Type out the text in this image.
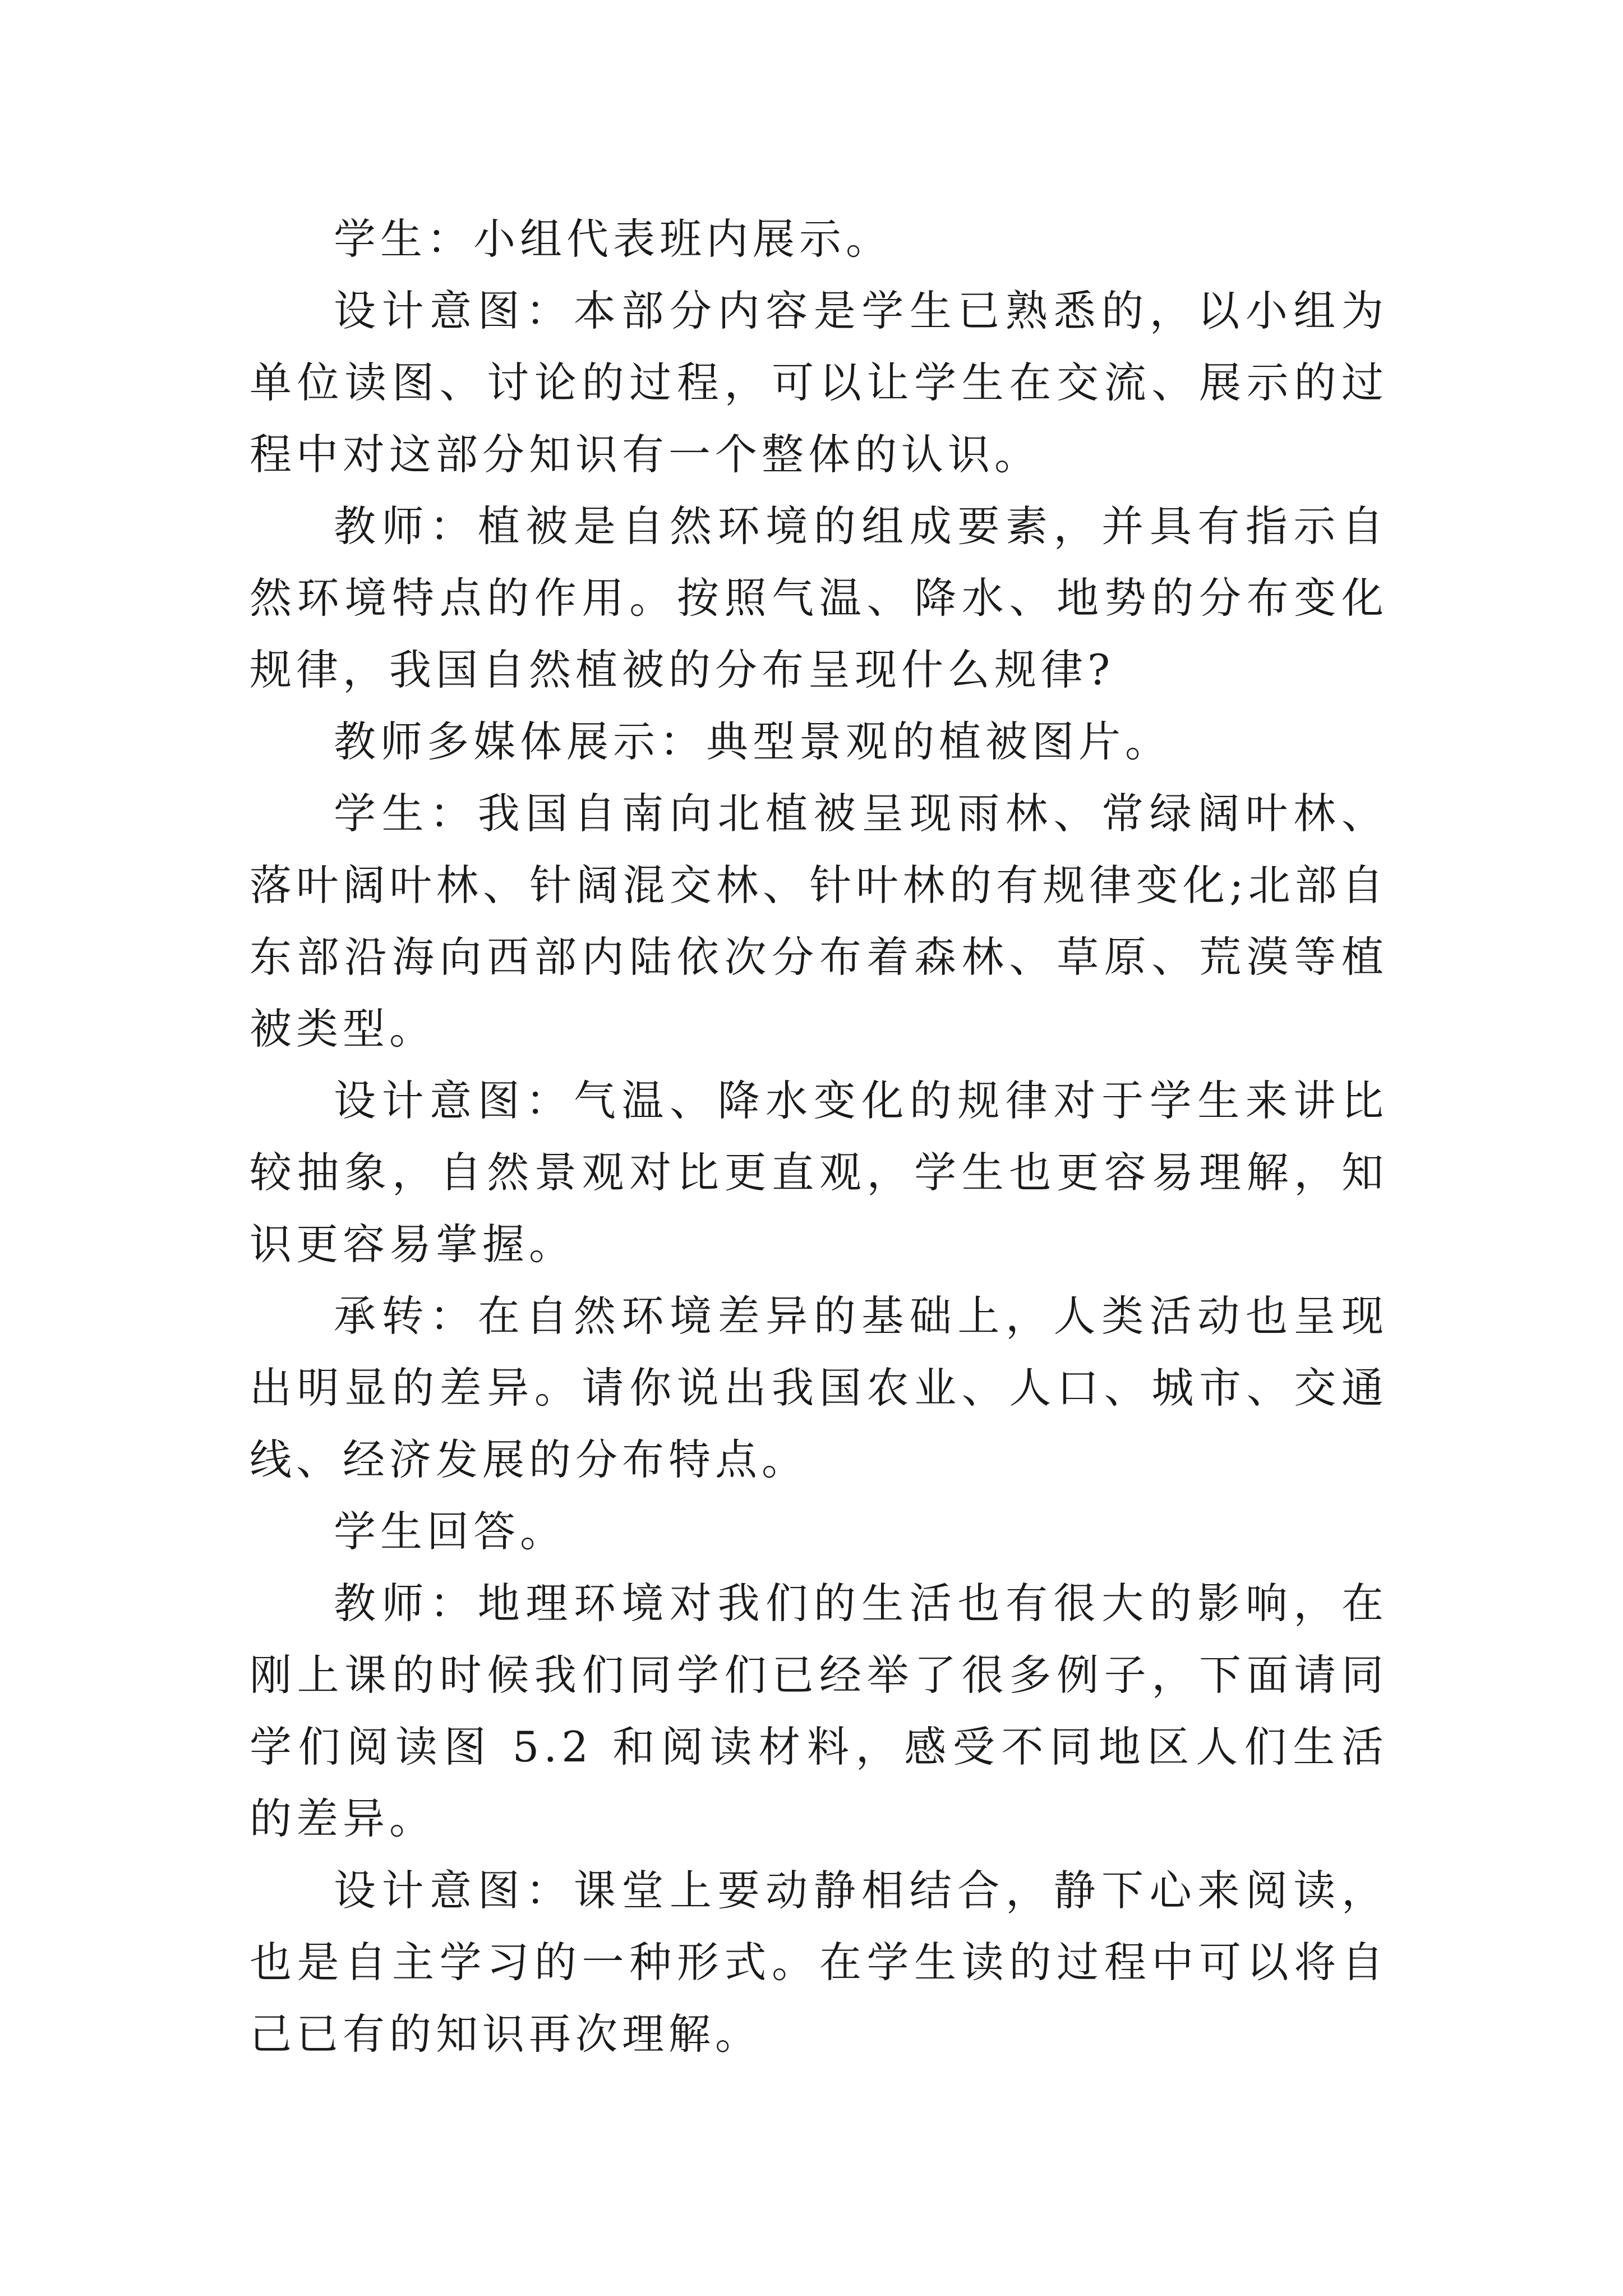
学生：小组代表班内展示。

设计意图：本部分内容是学生已熟悉的，以小组为单位读图、讨论的过程，可以让学生在交流、展示的过程中对这部分知识有一个整体的认识。

教师：植被是自然环境的组成要素，并具有指示自然环境特点的作用。按照气温、降水、地势的分布变化规律，我国自然植被的分布呈现什么规律?

教师多媒体展示：典型景观的植被图片。

学生：我国自南向北植被呈现雨林、常绿阔叶林、落叶阔叶林、针阔混交林、针叶林的有规律变化;北部自东部沿海向西部内陆依次分布着森林、草原、荒漠等植被类型。

设计意图：气温、降水变化的规律对于学生来讲比较抽象，自然景观对比更直观，学生也更容易理解，知识更容易掌握。

承转：在自然环境差异的基础上，人类活动也呈现出明显的差异。请你说出我国农业、人口、城市、交通线、经济发展的分布特点。

学生回答。

教师：地理环境对我们的生活也有很大的影响，在刚上课的时候我们同学们已经举了很多例子，下面请同学们阅读图 5.2 和阅读材料，感受不同地区人们生活的差异。

设计意图：课堂上要动静相结合，静下心来阅读，也是自主学习的一种形式。在学生读的过程中可以将自己已有的知识再次理解。
